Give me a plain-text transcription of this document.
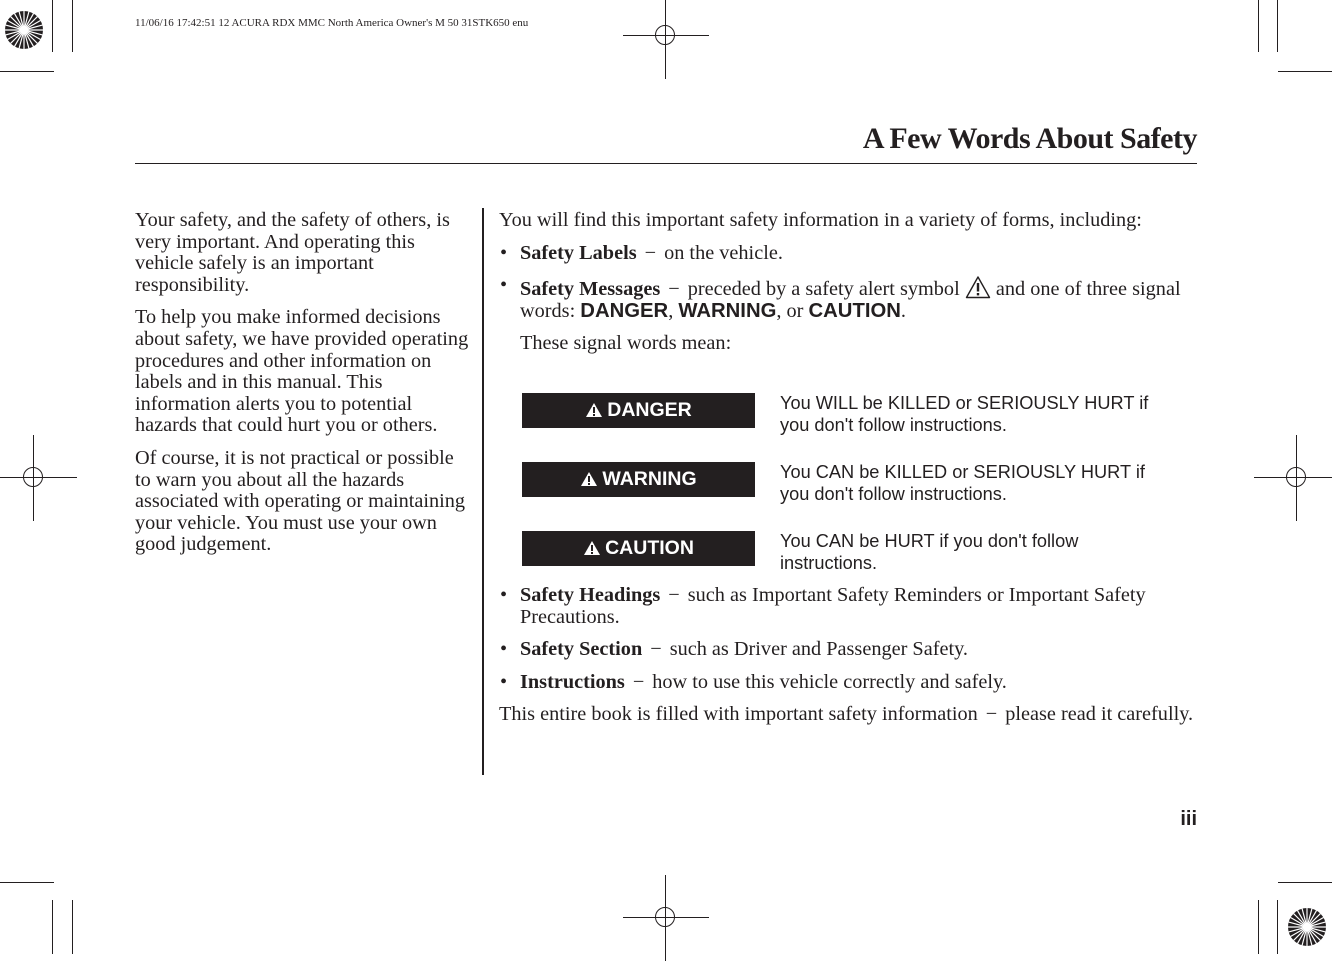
11/06/16 17:42:51 12 ACURA RDX MMC North America Owner's M 50 31STK650 enu
A Few Words About Safety

Your safety, and the safety of others, is very important. And operating this vehicle safely is an important responsibility.

To help you make informed decisions about safety, we have provided operating procedures and other information on labels and in this manual. This information alerts you to potential hazards that could hurt you or others.

Of course, it is not practical or possible to warn you about all the hazards associated with operating or maintaining your vehicle. You must use your own good judgement.

You will find this important safety information in a variety of forms, including:

• Safety Labels − on the vehicle.

• Safety Messages − preceded by a safety alert symbol and one of three signal words: DANGER, WARNING, or CAUTION.

These signal words mean:

DANGER	You WILL be KILLED or SERIOUSLY HURT if you don't follow instructions.
WARNING	You CAN be KILLED or SERIOUSLY HURT if you don't follow instructions.
CAUTION	You CAN be HURT if you don't follow instructions.

• Safety Headings − such as Important Safety Reminders or Important Safety Precautions.

• Safety Section − such as Driver and Passenger Safety.

• Instructions − how to use this vehicle correctly and safely.

This entire book is filled with important safety information − please read it carefully.

iii
